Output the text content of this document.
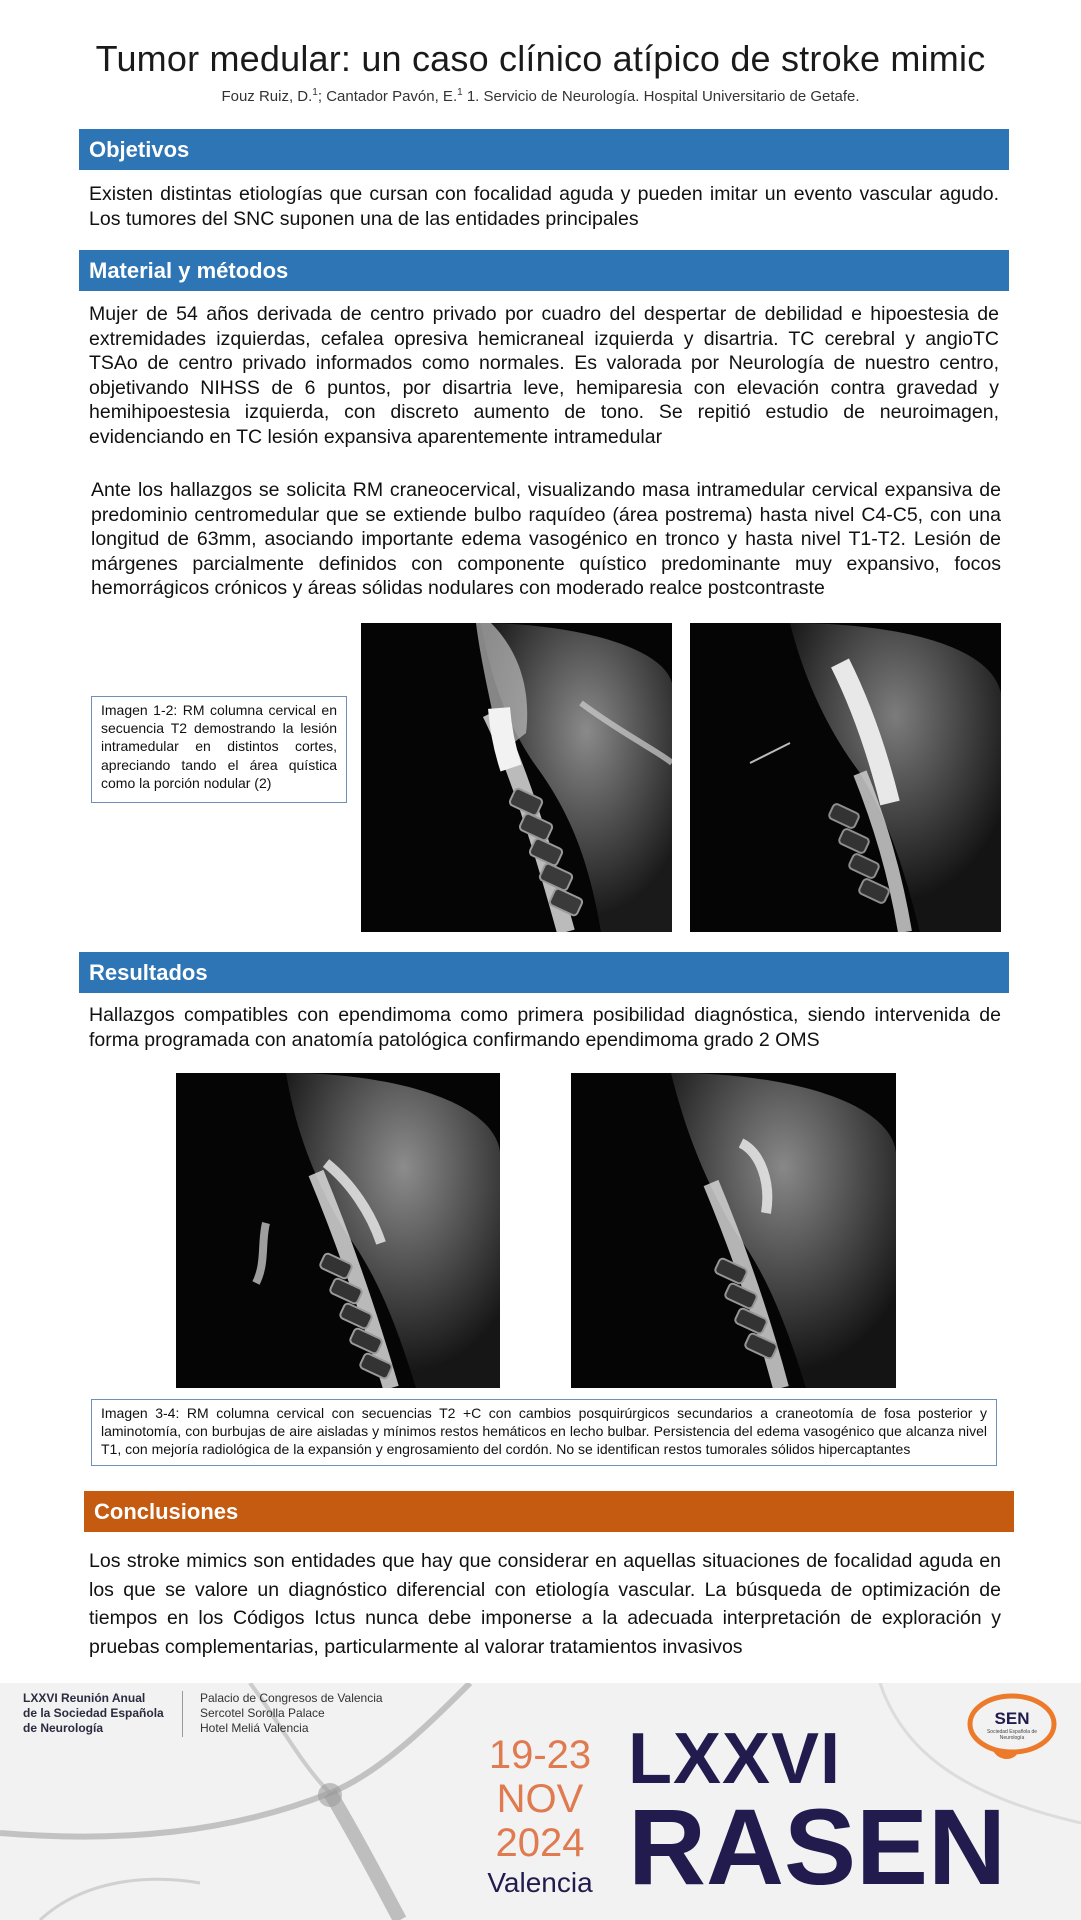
Tumor medular: un caso clínico atípico de stroke mimic
Fouz Ruiz, D.$^1$; Cantador Pavón, E.$^1$ 1. Servicio de Neurología. Hospital Universitario de Getafe.
Objetivos
Existen distintas etiologías que cursan con focalidad aguda y pueden imitar un evento vascular agudo. Los tumores del SNC suponen una de las entidades principales
Material y métodos
Mujer de 54 años derivada de centro privado por cuadro del despertar de debilidad e hipoestesia de extremidades izquierdas, cefalea opresiva hemicraneal izquierda y disartria. TC cerebral y angioTC TSAo de centro privado informados como normales. Es valorada por Neurología de nuestro centro, objetivando NIHSS de 6 puntos, por disartria leve, hemiparesia con elevación contra gravedad y hemihipoestesia izquierda, con discreto aumento de tono. Se repitió estudio de neuroimagen, evidenciando en TC lesión expansiva aparentemente intramedular
Ante los hallazgos se solicita RM craneocervical, visualizando masa intramedular cervical expansiva de predominio centromedular que se extiende bulbo raquídeo (área postrema) hasta nivel C4-C5, con una longitud de 63mm, asociando importante edema vasogénico en tronco y hasta nivel T1-T2. Lesión de márgenes parcialmente definidos con componente quístico predominante muy expansivo, focos hemorrágicos crónicos y áreas sólidas nodulares con moderado realce postcontraste
Imagen 1-2: RM columna cervical en secuencia T2 demostrando la lesión intramedular en distintos cortes, apreciando tando el área quística como la porción nodular (2)
Resultados
Hallazgos compatibles con ependimoma como primera posibilidad diagnóstica, siendo intervenida de forma programada con anatomía patológica confirmando ependimoma grado 2 OMS
Imagen 3-4: RM columna cervical con secuencias T2 +C con cambios posquirúrgicos secundarios a craneotomía de fosa posterior y laminotomía, con burbujas de aire aisladas y mínimos restos hemáticos en lecho bulbar. Persistencia del edema vasogénico que alcanza nivel T1, con mejoría radiológica de la expansión y engrosamiento del cordón. No se identifican restos tumorales sólidos hipercaptantes
Conclusiones
Los stroke mimics son entidades que hay que considerar en aquellas situaciones de focalidad aguda en los que se valore un diagnóstico diferencial con etiología vascular. La búsqueda de optimización de tiempos en los Códigos Ictus nunca debe imponerse a la adecuada interpretación de exploración y pruebas complementarias, particularmente al valorar tratamientos invasivos
LXXVI Reunión Anual
de la Sociedad Española
de Neurología
Palacio de Congresos de Valencia
Sercotel Sorolla Palace
Hotel Meliá Valencia
19-23
NOV
2024
Valencia
LXXVI
RASEN
SEN
Sociedad Española de Neurología
